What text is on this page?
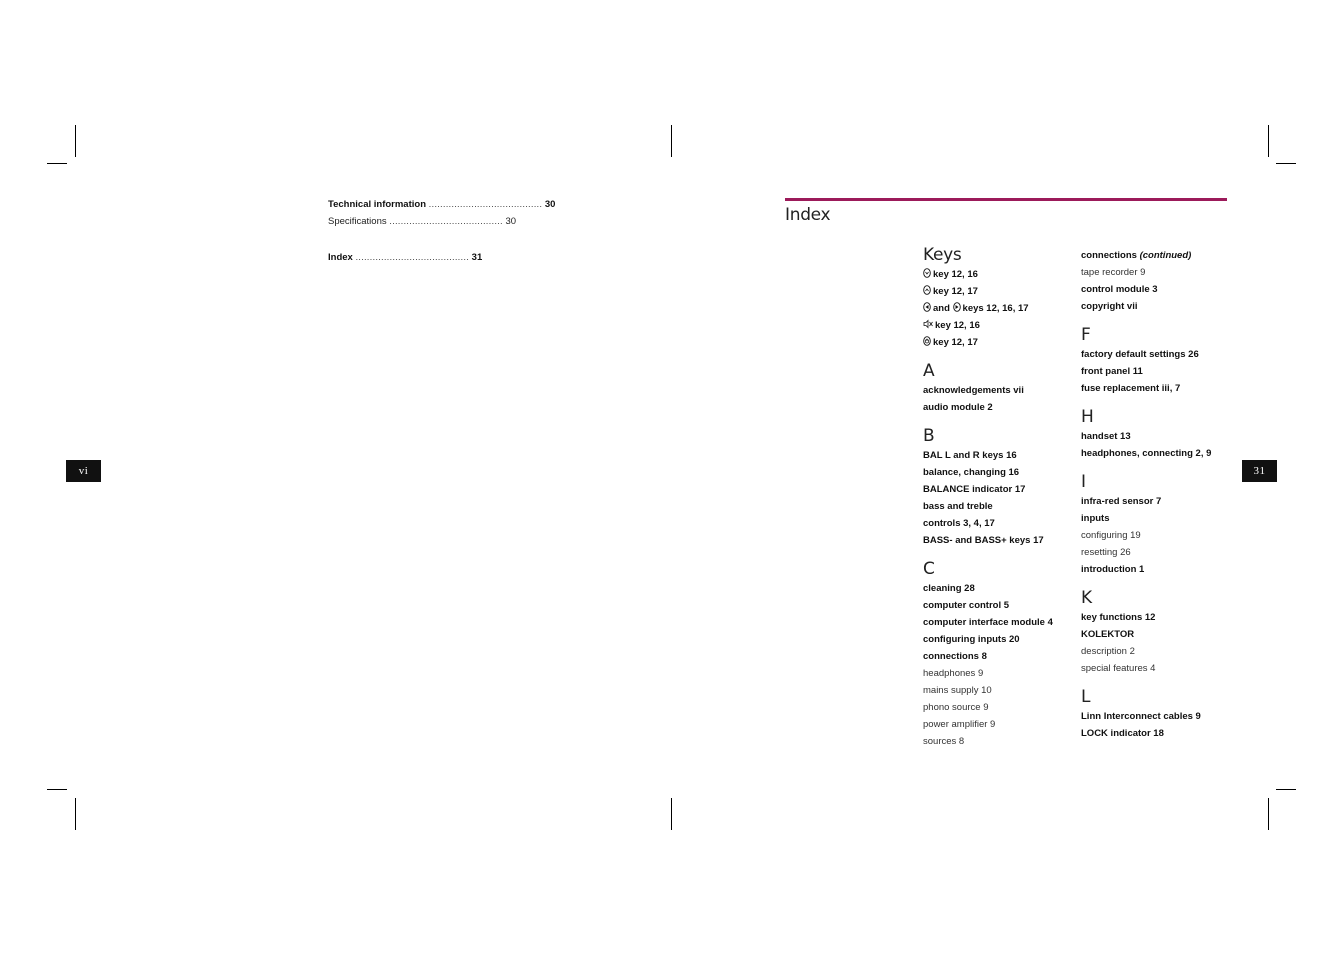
Technical information ........................................ 30
Specifications ........................................ 30
Index ........................................ 31
vi	31
Index
Keys
key 12, 16
key 12, 17
and keys 12, 16, 17
key 12, 16
key 12, 17
A
acknowledgements vii
audio module 2
B
BAL L and R keys 16
balance, changing 16
BALANCE indicator 17
bass and treble
controls 3, 4, 17
BASS- and BASS+ keys 17
C
cleaning 28
computer control 5
computer interface module 4
configuring inputs 20
connections 8
headphones 9
mains supply 10
phono source 9
power amplifier 9
sources 8
connections (continued)
tape recorder 9
control module 3
copyright vii
F
factory default settings 26
front panel 11
fuse replacement iii, 7
H
handset 13
headphones, connecting 2, 9
I
infra-red sensor 7
inputs
configuring 19
resetting 26
introduction 1
K
key functions 12
KOLEKTOR
description 2
special features 4
L
Linn Interconnect cables 9
LOCK indicator 18
